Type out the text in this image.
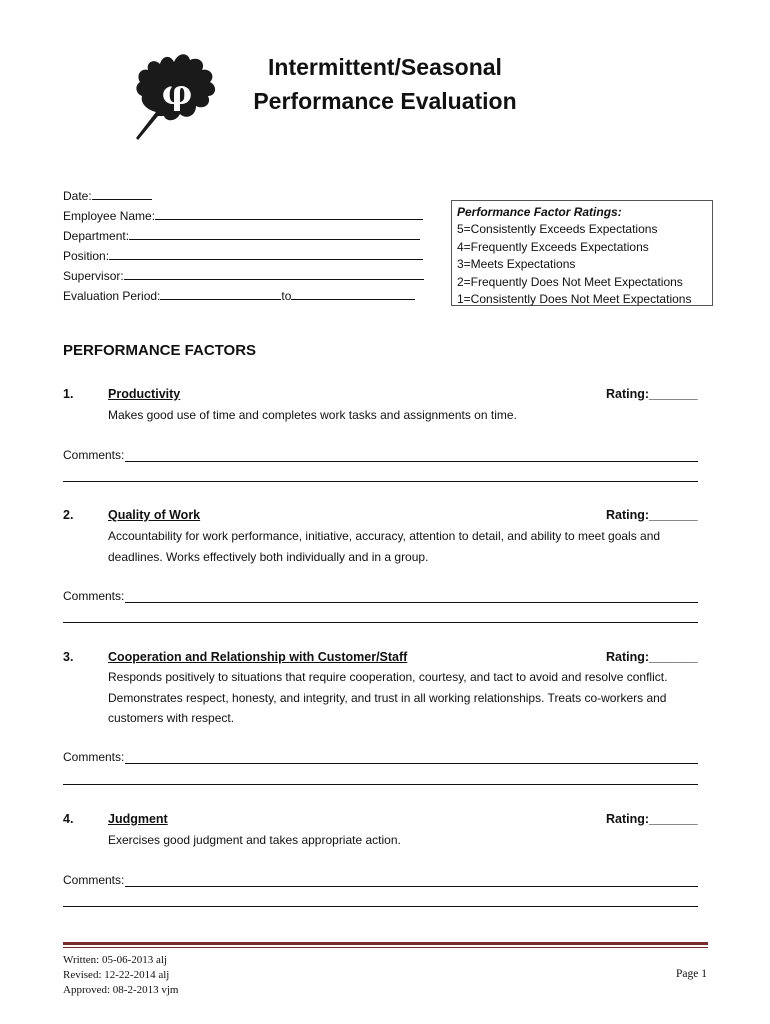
φ
Intermittent/Seasonal
Performance Evaluation
Date:
Employee Name:
Department:
Position:
Supervisor:
Evaluation Period:	to
Performance Factor Ratings:
5=Consistently Exceeds Expectations
4=Frequently Exceeds Expectations
3=Meets Expectations
2=Frequently Does Not Meet Expectations
1=Consistently Does Not Meet Expectations
PERFORMANCE FACTORS
1.	Productivity	Rating:_______
Makes good use of time and completes work tasks and assignments on time.
Comments:
2.	Quality of Work	Rating:_______
Accountability for work performance, initiative, accuracy, attention to detail, and ability to meet goals and deadlines. Works effectively both individually and in a group.
Comments:
3.	Cooperation and Relationship with Customer/Staff	Rating:_______
Responds positively to situations that require cooperation, courtesy, and tact to avoid and resolve conflict. Demonstrates respect, honesty, and integrity, and trust in all working relationships. Treats co-workers and customers with respect.
Comments:
4.	Judgment	Rating:_______
Exercises good judgment and takes appropriate action.
Comments:
Written: 05-06-2013 alj
Revised: 12-22-2014 alj
Approved: 08-2-2013 vjm
Page 1
